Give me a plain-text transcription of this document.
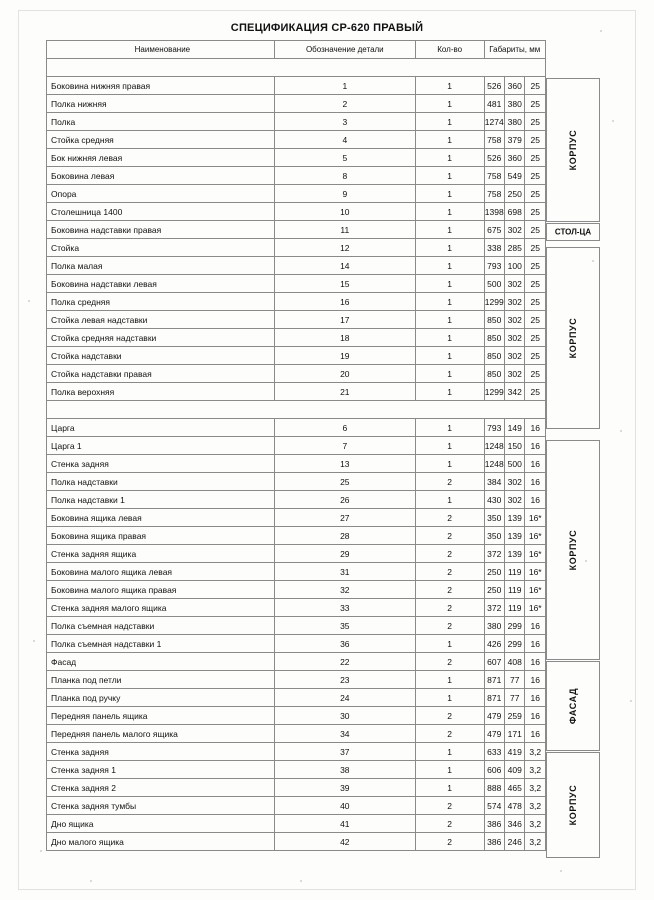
СПЕЦИФИКАЦИЯ СР-620 ПРАВЫЙ
Наименование	Обозначение детали	Кол-во	Габариты, мм		

Боковина нижняя правая	1	1	526	360	25
Полка нижняя	2	1	481	380	25
Полка	3	1	1274	380	25
Стойка средняя	4	1	758	379	25
Бок нижняя левая	5	1	526	360	25
Боковина левая	8	1	758	549	25
Опора	9	1	758	250	25
Столешница 1400	10	1	1398	698	25
Боковина надставки правая	11	1	675	302	25
Стойка	12	1	338	285	25
Полка малая	14	1	793	100	25
Боковина надставки левая	15	1	500	302	25
Полка средняя	16	1	1299	302	25
Стойка левая надставки	17	1	850	302	25
Стойка средняя надставки	18	1	850	302	25
Стойка надставки	19	1	850	302	25
Стойка надставки правая	20	1	850	302	25
Полка верохняя	21	1	1299	342	25

Царга	6	1	793	149	16
Царга 1	7	1	1248	150	16
Стенка задняя	13	1	1248	500	16
Полка надставки	25	2	384	302	16
Полка надставки 1	26	1	430	302	16
Боковина ящика левая	27	2	350	139	16*
Боковина ящика правая	28	2	350	139	16*
Стенка задняя ящика	29	2	372	139	16*
Боковина малого ящика левая	31	2	250	119	16*
Боковина малого ящика правая	32	2	250	119	16*
Стенка задняя малого ящика	33	2	372	119	16*
Полка съемная надставки	35	2	380	299	16
Полка съемная надставки 1	36	1	426	299	16
Фасад	22	2	607	408	16
Планка под петли	23	1	871	77	16
Планка под ручку	24	1	871	77	16
Передняя панель ящика	30	2	479	259	16
Передняя панель малого ящика	34	2	479	171	16
Стенка задняя	37	1	633	419	3,2
Стенка задняя 1	38	1	606	409	3,2
Стенка задняя 2	39	1	888	465	3,2
Стенка задняя тумбы	40	2	574	478	3,2
Дно ящика	41	2	386	346	3,2
Дно малого ящика	42	2	386	246	3,2
КОРПУС
СТОЛ-ЦА
КОРПУС
КОРПУС
ФАСАД
КОРПУС
